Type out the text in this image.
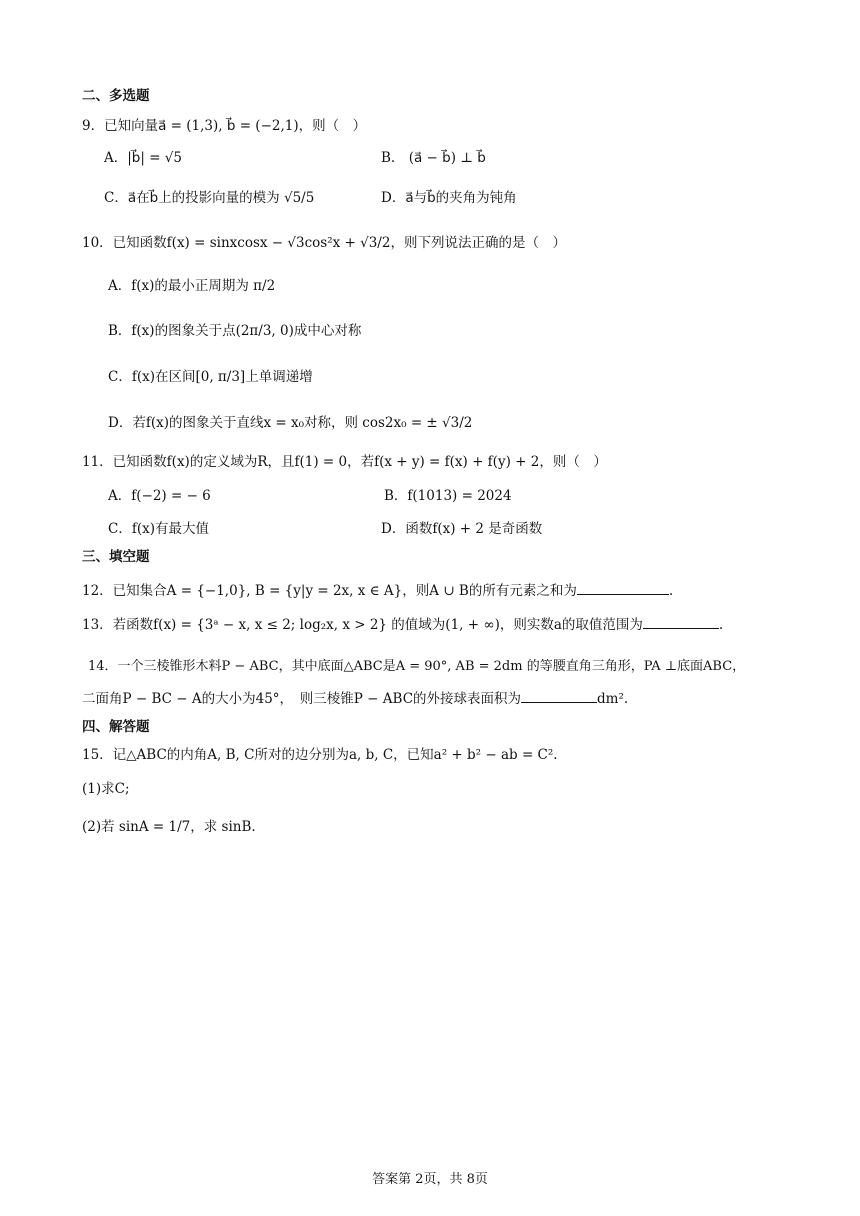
二、多选题
9．已知向量a⃗ = (1,3), b⃗ = (−2,1)，则（　）
A．|b⃗| = √5	B.　(a⃗ − b⃗) ⊥ b⃗
C．a⃗在b⃗上的投影向量的模为 √5/5	D．a⃗与b⃗的夹角为钝角
10．已知函数f(x) = sinxcosx − √3cos²x + √3/2，则下列说法正确的是（　）
A．f(x)的最小正周期为 π/2
B．f(x)的图象关于点(2π/3, 0)成中心对称
C．f(x)在区间[0, π/3]上单调递增
D．若f(x)的图象关于直线x = x₀对称，则 cos2x₀ = ± √3/2
11．已知函数f(x)的定义域为R，且f(1) = 0，若f(x + y) = f(x) + f(y) + 2，则（　）
A．f(−2) = − 6	B．f(1013) = 2024
C．f(x)有最大值	D．函数f(x) + 2 是奇函数
三、填空题
12．已知集合A = {−1,0}, B = {y|y = 2x, x ∈ A}，则A ∪ B的所有元素之和为	.
13．若函数f(x) = {3ᵃ − x, x ≤ 2; log₂x, x > 2} 的值域为(1, + ∞)，则实数a的取值范围为	.
14．一个三棱锥形木料P − ABC，其中底面△ABC是A = 90°, AB = 2dm 的等腰直角三角形，PA ⊥底面ABC，
二面角P − BC − A的大小为45°，　则三棱锥P − ABC的外接球表面积为	dm².
四、解答题
15．记△ABC的内角A, B, C所对的边分别为a, b, C，已知a² + b² − ab = C².
(1)求C;
(2)若 sinA = 1/7，求 sinB.
答案第 2页，共 8页
